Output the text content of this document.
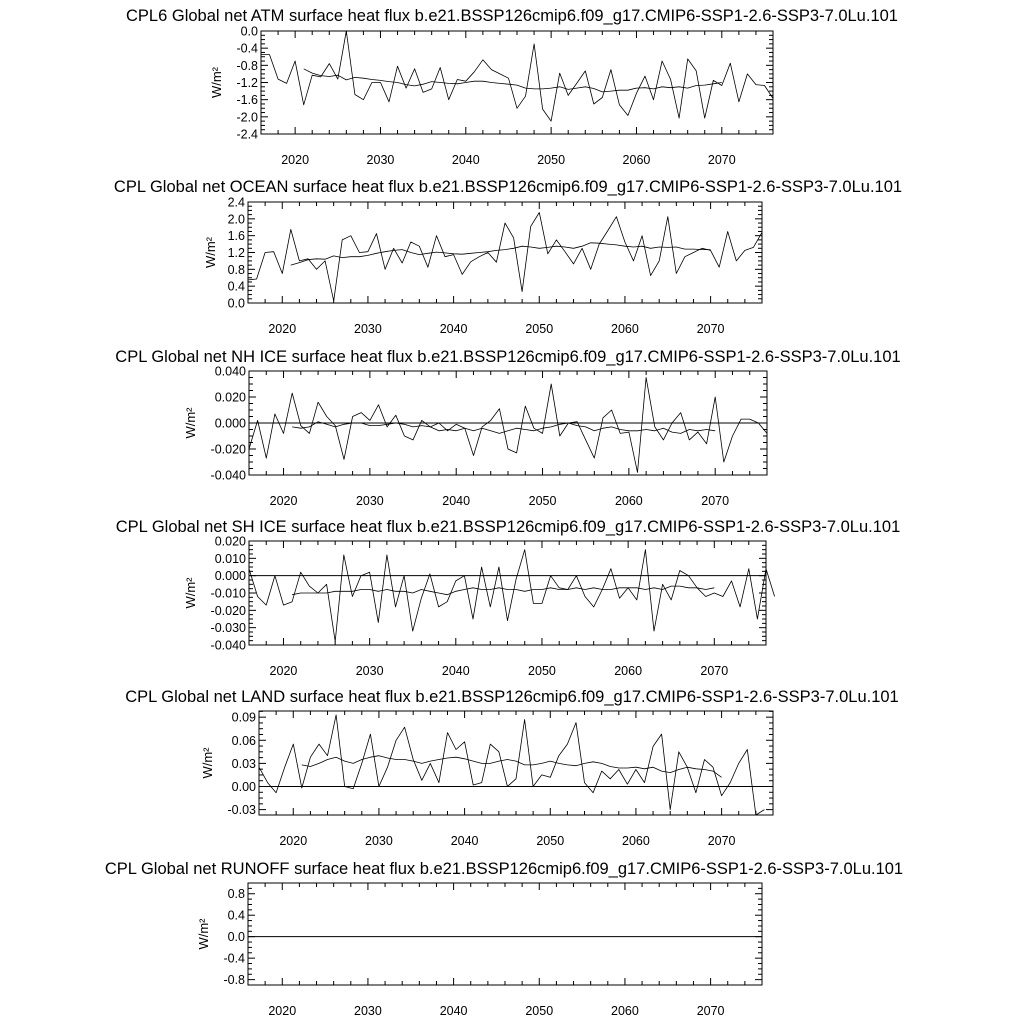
CPL6 Global net ATM surface heat flux b.e21.BSSP126cmip6.f09_g17.CMIP6-SSP1-2.6-SSP3-7.0Lu.101
0.0
-0.4
-0.8
-1.2
-1.6
-2.0
-2.4
2020	2030	2040	2050	2060	2070
W/m²
CPL Global net OCEAN surface heat flux b.e21.BSSP126cmip6.f09_g17.CMIP6-SSP1-2.6-SSP3-7.0Lu.101
2.4
2.0
1.6
1.2
0.8
0.4
0.0
2020	2030	2040	2050	2060	2070
W/m²
CPL Global net NH ICE surface heat flux b.e21.BSSP126cmip6.f09_g17.CMIP6-SSP1-2.6-SSP3-7.0Lu.101
0.040
0.020
0.000
-0.020
-0.040
2020	2030	2040	2050	2060	2070
W/m²
CPL Global net SH ICE surface heat flux b.e21.BSSP126cmip6.f09_g17.CMIP6-SSP1-2.6-SSP3-7.0Lu.101
0.020
0.010
0.000
-0.010
-0.020
-0.030
-0.040
2020	2030	2040	2050	2060	2070
W/m²
CPL Global net LAND surface heat flux b.e21.BSSP126cmip6.f09_g17.CMIP6-SSP1-2.6-SSP3-7.0Lu.101
0.09
0.06
0.03
0.00
-0.03
2020	2030	2040	2050	2060	2070
W/m²
CPL Global net RUNOFF surface heat flux b.e21.BSSP126cmip6.f09_g17.CMIP6-SSP1-2.6-SSP3-7.0Lu.101
0.8
0.4
0.0
-0.4
-0.8
2020	2030	2040	2050	2060	2070
W/m²
